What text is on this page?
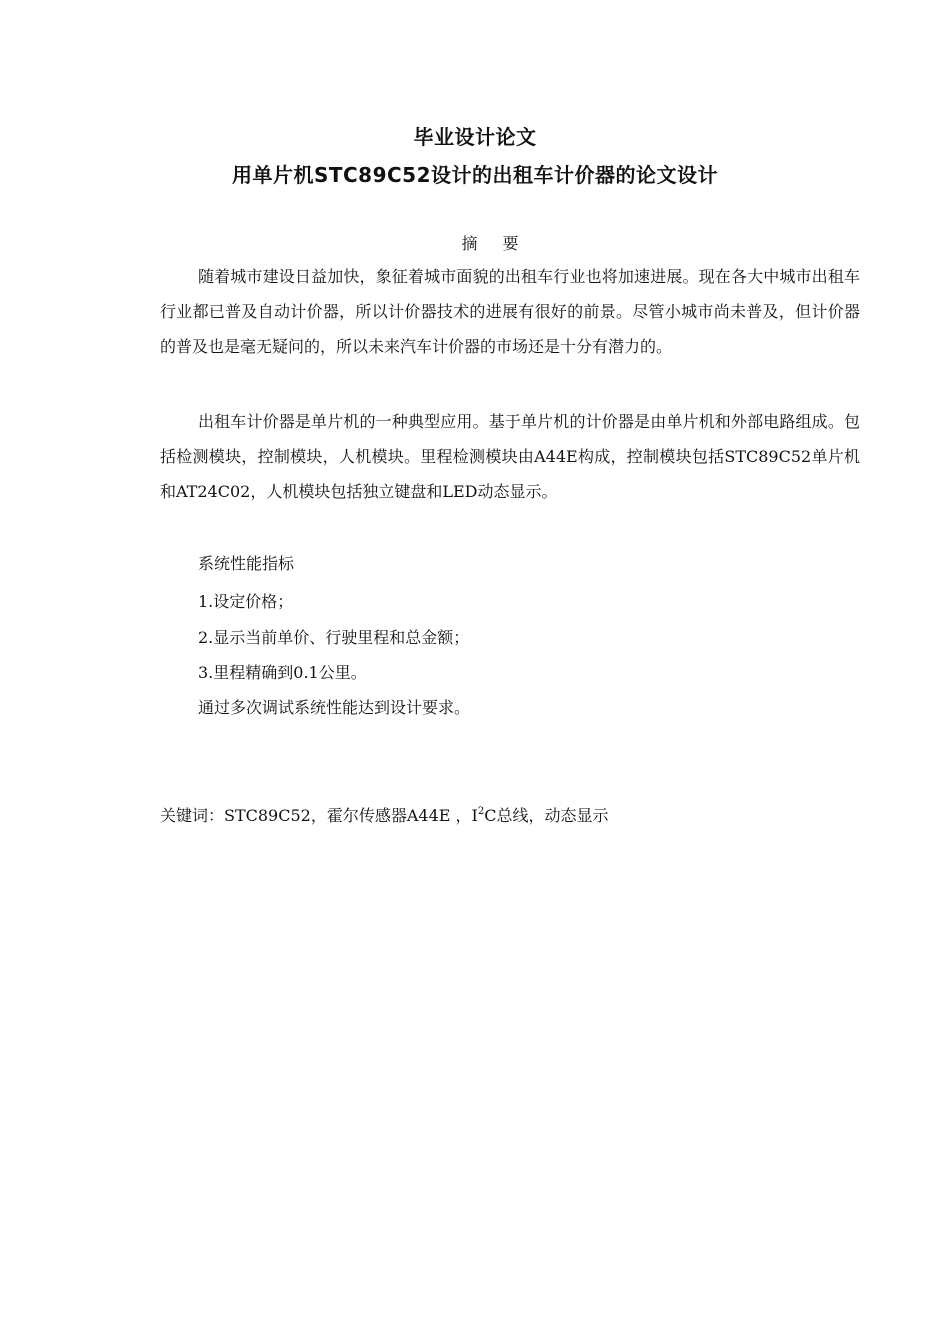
毕业设计论文
用单片机STC89C52设计的出租车计价器的论文设计
摘 要

随着城市建设日益加快，象征着城市面貌的出租车行业也将加速进展。现在各大中城市出租车行业都已普及自动计价器，所以计价器技术的进展有很好的前景。尽管小城市尚未普及，但计价器的普及也是毫无疑问的，所以未来汽车计价器的市场还是十分有潜力的。

出租车计价器是单片机的一种典型应用。基于单片机的计价器是由单片机和外部电路组成。包括检测模块，控制模块，人机模块。里程检测模块由A44E构成，控制模块包括STC89C52单片机和AT24C02，人机模块包括独立键盘和LED动态显示。

系统性能指标
1.设定价格；
2.显示当前单价、行驶里程和总金额；
3.里程精确到0.1公里。
通过多次调试系统性能达到设计要求。
关键词：STC89C52，霍尔传感器A44E ，$I^2C$总线，动态显示
